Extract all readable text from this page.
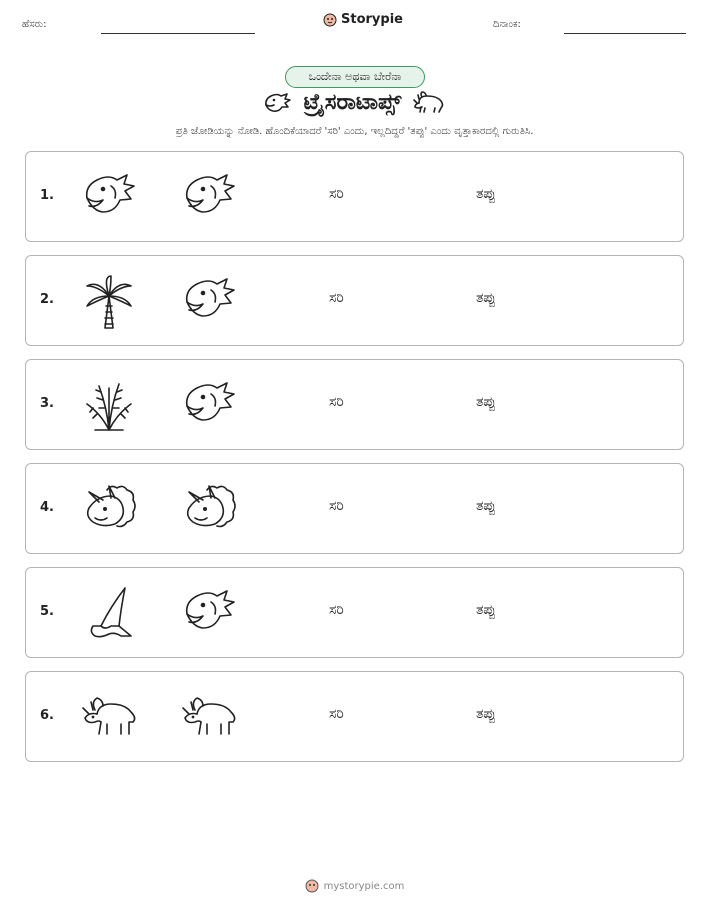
ಹೆಸರು:	Storypie	ದಿನಾಂಕ:
ಒಂದೇನಾ ಅಥವಾ ಬೇರೆನಾ
ಟ್ರೈಸರಾಟಾಪ್ಸ್
ಪ್ರತಿ ಜೋಡಿಯನ್ನು ನೋಡಿ. ಹೊಂದಿಕೆಯಾದರೆ 'ಸರಿ' ಎಂದು, ಇಲ್ಲದಿದ್ದರೆ 'ತಪ್ಪು' ಎಂದು ವೃತ್ತಾಕಾರದಲ್ಲಿ ಗುರುತಿಸಿ.
1.	ಸರಿ	ತಪ್ಪು
2.	ಸರಿ	ತಪ್ಪು
3.	ಸರಿ	ತಪ್ಪು
4.	ಸರಿ	ತಪ್ಪು
5.	ಸರಿ	ತಪ್ಪು
6.	ಸರಿ	ತಪ್ಪು
mystorypie.com
